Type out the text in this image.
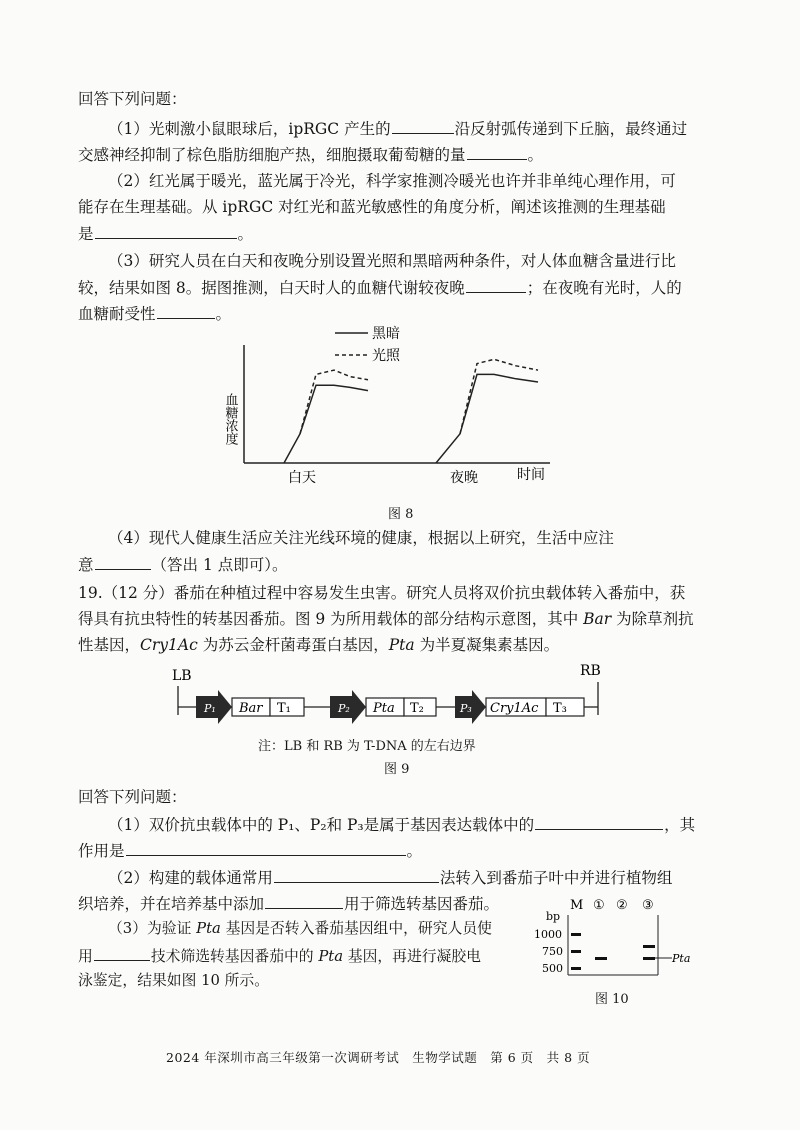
回答下列问题：
（1）光刺激小鼠眼球后，ipRGC 产生的	沿反射弧传递到下丘脑，最终通过
交感神经抑制了棕色脂肪细胞产热，细胞摄取葡萄糖的量	。
（2）红光属于暖光，蓝光属于冷光，科学家推测冷暖光也许并非单纯心理作用，可
能存在生理基础。从 ipRGC 对红光和蓝光敏感性的角度分析，阐述该推测的生理基础
是	。
（3）研究人员在白天和夜晚分别设置光照和黑暗两种条件，对人体血糖含量进行比
较，结果如图 8。据图推测，白天时人的血糖代谢较夜晚	；在夜晚有光时，人的
血糖耐受性	。
黑暗
光照
血糖浓度
白天	夜晚	时间
图 8
（4）现代人健康生活应关注光线环境的健康，根据以上研究，生活中应注
意	（答出 1 点即可）。
19.（12 分）番茄在种植过程中容易发生虫害。研究人员将双价抗虫载体转入番茄中，获
得具有抗虫特性的转基因番茄。图 9 为所用载体的部分结构示意图，其中 Bar 为除草剂抗
性基因，Cry1Ac 为苏云金杆菌毒蛋白基因，Pta 为半夏凝集素基因。
LB	RB
P₁ Bar T₁	P₂ Pta T₂	P₃ Cry1Ac T₃
注：LB 和 RB 为 T-DNA 的左右边界
图 9
回答下列问题：
（1）双价抗虫载体中的 P₁、P₂和 P₃是属于基因表达载体中的	，其
作用是	。
（2）构建的载体通常用	法转入到番茄子叶中并进行植物组
织培养，并在培养基中添加	用于筛选转基因番茄。
（3）为验证 Pta 基因是否转入番茄基因组中，研究人员使
用	技术筛选转基因番茄中的 Pta 基因，再进行凝胶电
泳鉴定，结果如图 10 所示。
M ① ② ③
bp
1000
750
500
Pta
图 10
2024 年深圳市高三年级第一次调研考试　生物学试题　第 6 页　共 8 页
